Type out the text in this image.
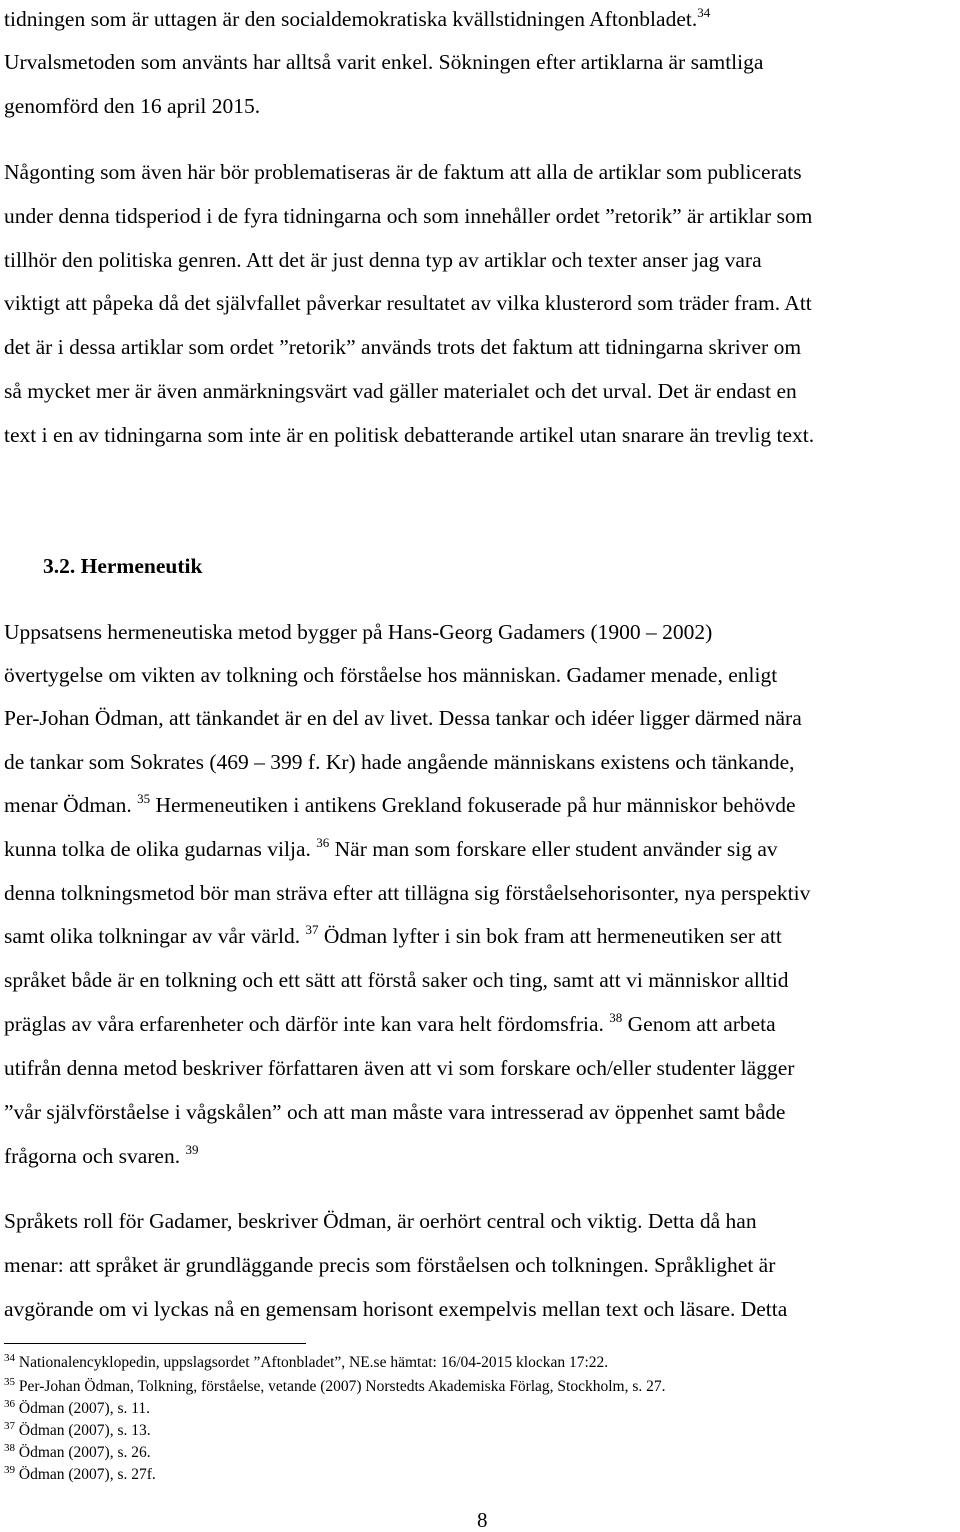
tidningen som är uttagen är den socialdemokratiska kvällstidningen Aftonbladet.$^{34}$
Urvalsmetoden som använts har alltså varit enkel. Sökningen efter artiklarna är samtliga
genomförd den 16 april 2015.
Någonting som även här bör problematiseras är de faktum att alla de artiklar som publicerats
under denna tidsperiod i de fyra tidningarna och som innehåller ordet ”retorik” är artiklar som
tillhör den politiska genren. Att det är just denna typ av artiklar och texter anser jag vara
viktigt att påpeka då det självfallet påverkar resultatet av vilka klusterord som träder fram. Att
det är i dessa artiklar som ordet ”retorik” används trots det faktum att tidningarna skriver om
så mycket mer är även anmärkningsvärt vad gäller materialet och det urval. Det är endast en
text i en av tidningarna som inte är en politisk debatterande artikel utan snarare än trevlig text.
3.2. Hermeneutik
Uppsatsens hermeneutiska metod bygger på Hans-Georg Gadamers (1900 – 2002)
övertygelse om vikten av tolkning och förståelse hos människan. Gadamer menade, enligt
Per-Johan Ödman, att tänkandet är en del av livet. Dessa tankar och idéer ligger därmed nära
de tankar som Sokrates (469 – 399 f. Kr) hade angående människans existens och tänkande,
menar Ödman. $^{35}$ Hermeneutiken i antikens Grekland fokuserade på hur människor behövde
kunna tolka de olika gudarnas vilja. $^{36}$ När man som forskare eller student använder sig av
denna tolkningsmetod bör man sträva efter att tillägna sig förståelsehorisonter, nya perspektiv
samt olika tolkningar av vår värld. $^{37}$ Ödman lyfter i sin bok fram att hermeneutiken ser att
språket både är en tolkning och ett sätt att förstå saker och ting, samt att vi människor alltid
präglas av våra erfarenheter och därför inte kan vara helt fördomsfria. $^{38}$ Genom att arbeta
utifrån denna metod beskriver författaren även att vi som forskare och/eller studenter lägger
”vår självförståelse i vågskålen” och att man måste vara intresserad av öppenhet samt både
frågorna och svaren. $^{39}$
Språkets roll för Gadamer, beskriver Ödman, är oerhört central och viktig. Detta då han
menar: att språket är grundläggande precis som förståelsen och tolkningen. Språklighet är
avgörande om vi lyckas nå en gemensam horisont exempelvis mellan text och läsare. Detta
$^{34}$ Nationalencyklopedin, uppslagsordet ”Aftonbladet”, NE.se hämtat: 16/04-2015 klockan 17:22.
$^{35}$ Per-Johan Ödman, Tolkning, förståelse, vetande (2007) Norstedts Akademiska Förlag, Stockholm, s. 27.
$^{36}$ Ödman (2007), s. 11.
$^{37}$ Ödman (2007), s. 13.
$^{38}$ Ödman (2007), s. 26.
$^{39}$ Ödman (2007), s. 27f.
8
